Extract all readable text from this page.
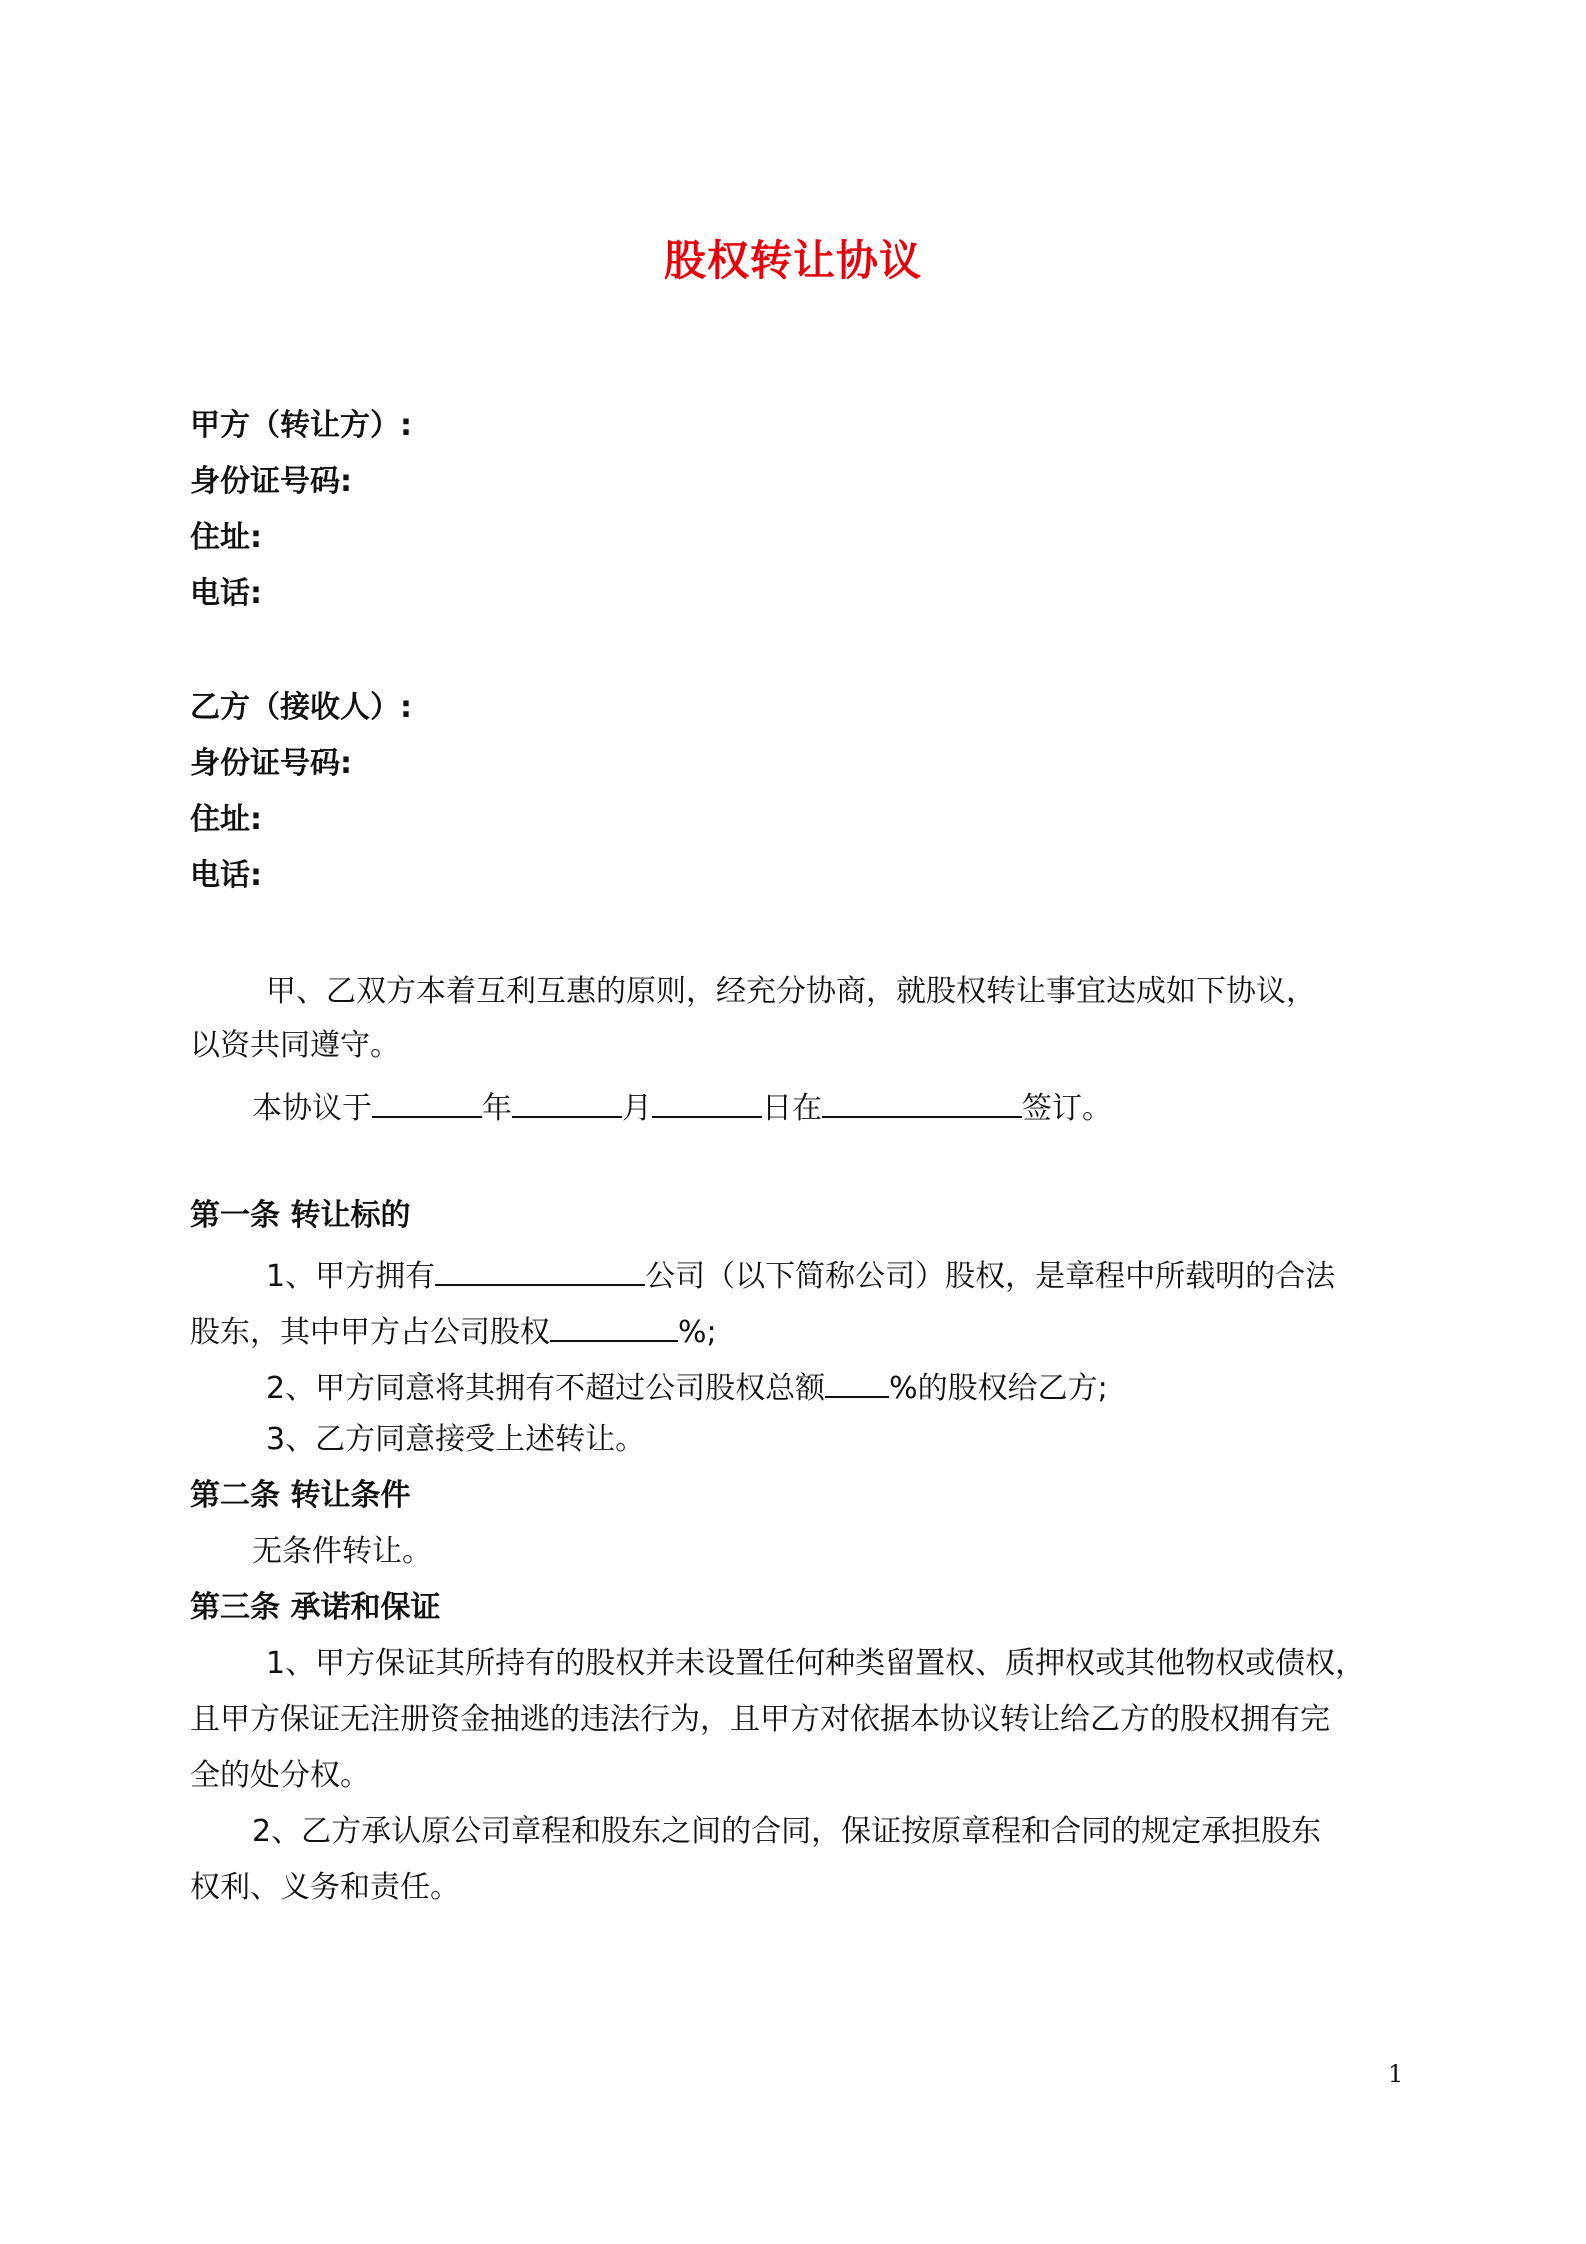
股权转让协议
甲方（转让方）:
身份证号码:
住址:
电话:
乙方（接收人）:
身份证号码:
住址:
电话:
甲、乙双方本着互利互惠的原则，经充分协商，就股权转让事宜达成如下协议，
以资共同遵守。
本协议于	年	月	日在	签订。
第一条 转让标的
1、甲方拥有	公司（以下简称公司）股权，是章程中所载明的合法
股东，其中甲方占公司股权	%;
2、甲方同意将其拥有不超过公司股权总额 %的股权给乙方;
3、乙方同意接受上述转让。
第二条 转让条件
无条件转让。
第三条 承诺和保证
1、甲方保证其所持有的股权并未设置任何种类留置权、质押权或其他物权或债权，
且甲方保证无注册资金抽逃的违法行为，且甲方对依据本协议转让给乙方的股权拥有完
全的处分权。
2、乙方承认原公司章程和股东之间的合同，保证按原章程和合同的规定承担股东
权利、义务和责任。
1
